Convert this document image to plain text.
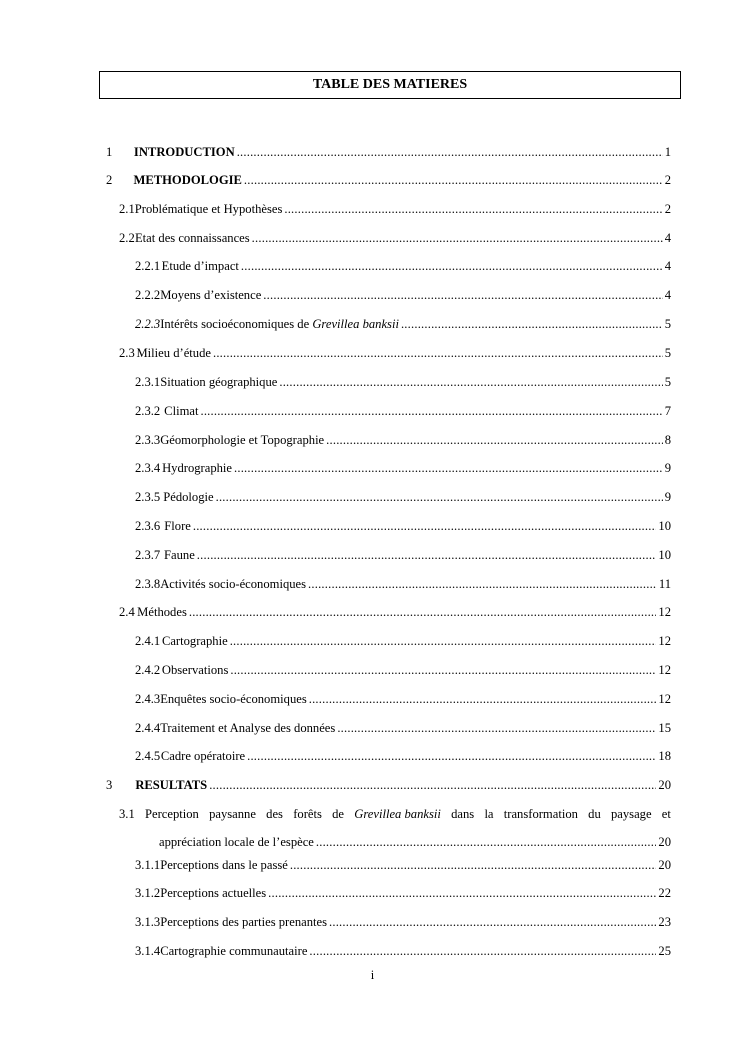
TABLE DES MATIERES
1	INTRODUCTION .....	1
2	METHODOLOGIE .....	2
2.1 Problématique et Hypothèses .....	2
2.2 Etat des connaissances .....	4
2.2.1 Etude d’impact .....	4
2.2.2 Moyens d’existence .....	4
2.2.3 Intérêts socioéconomiques de Grevillea banksii .....	5
2.3 Milieu d’étude .....	5
2.3.1 Situation géographique .....	5
2.3.2 Climat .....	7
2.3.3 Géomorphologie et Topographie .....	8
2.3.4 Hydrographie .....	9
2.3.5 Pédologie .....	9
2.3.6 Flore .....	10
2.3.7 Faune .....	10
2.3.8 Activités socio-économiques .....	11
2.4 Méthodes .....	12
2.4.1 Cartographie .....	12
2.4.2 Observations .....	12
2.4.3 Enquêtes socio-économiques .....	12
2.4.4 Traitement et Analyse des données .....	15
2.4.5 Cadre opératoire .....	18
3	RESULTATS .....	20
3.1 Perception paysanne des forêts de Grevillea banksii dans la transformation du paysage et
appréciation locale de l’espèce .....	20
3.1.1 Perceptions dans le passé .....	20
3.1.2 Perceptions actuelles .....	22
3.1.3 Perceptions des parties prenantes .....	23
3.1.4 Cartographie communautaire .....	25
i
